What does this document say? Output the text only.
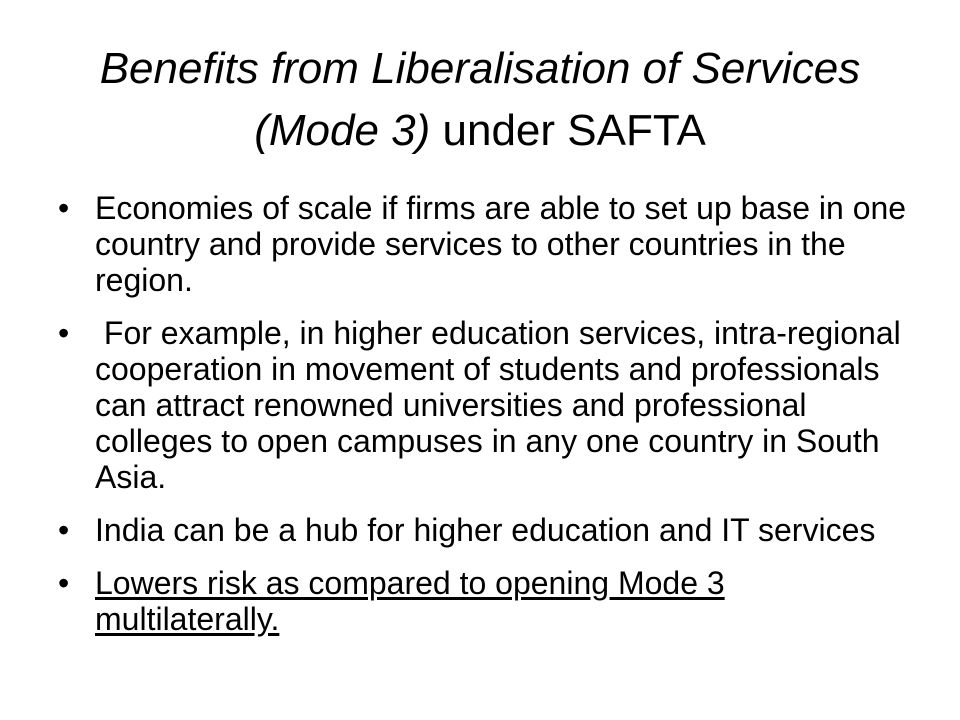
Benefits from Liberalisation of Services
(Mode 3) under SAFTA
• Economies of scale if firms are able to set up base in one country and provide services to other countries in the region.
• For example, in higher education services, intra-regional cooperation in movement of students and professionals can attract renowned universities and professional colleges to open campuses in any one country in South Asia.
• India can be a hub for higher education and IT services
• Lowers risk as compared to opening Mode 3 multilaterally.
